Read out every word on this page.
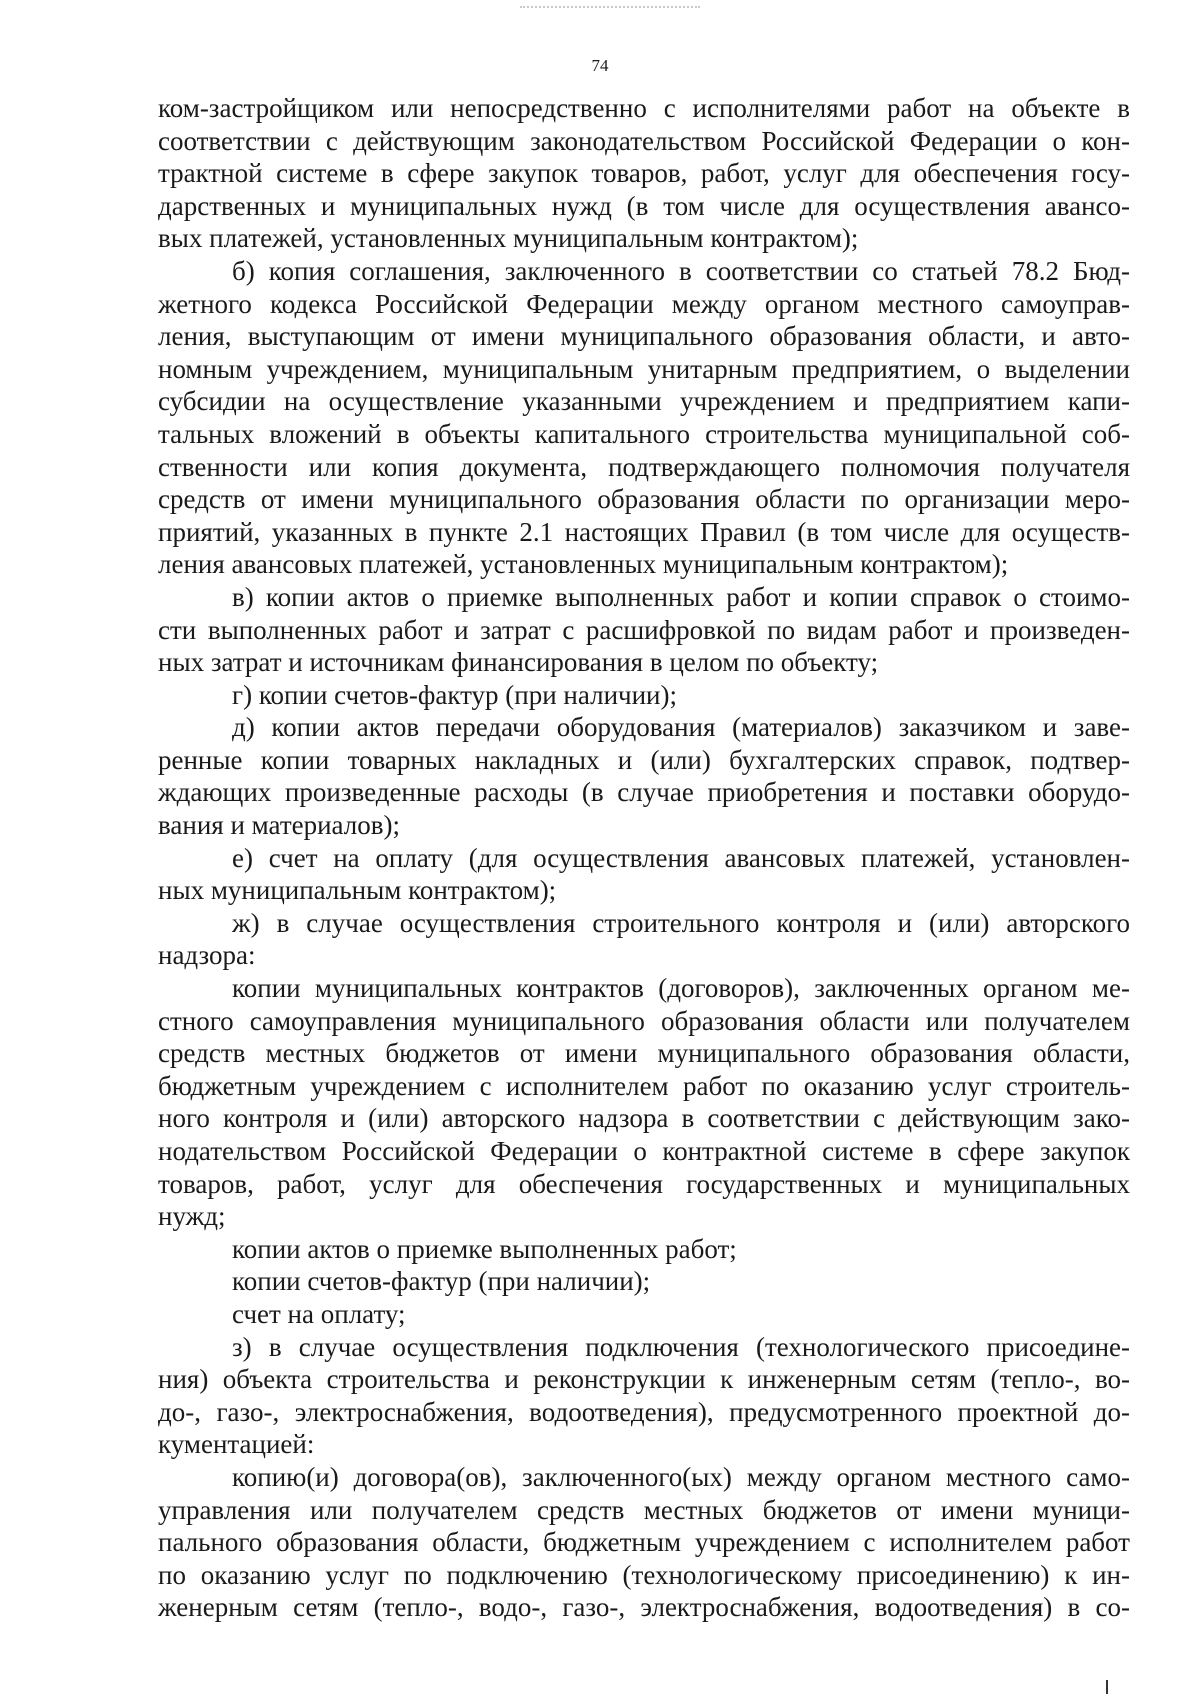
74
ком-застройщиком или непосредственно с исполнителями работ на объекте в
соответствии с действующим законодательством Российской Федерации о кон-
трактной системе в сфере закупок товаров, работ, услуг для обеспечения госу-
дарственных и муниципальных нужд (в том числе для осуществления авансо-
вых платежей, установленных муниципальным контрактом);
б) копия соглашения, заключенного в соответствии со статьей 78.2 Бюд-
жетного кодекса Российской Федерации между органом местного самоуправ-
ления, выступающим от имени муниципального образования области, и авто-
номным учреждением, муниципальным унитарным предприятием, о выделении
субсидии на осуществление указанными учреждением и предприятием капи-
тальных вложений в объекты капитального строительства муниципальной соб-
ственности или копия документа, подтверждающего полномочия получателя
средств от имени муниципального образования области по организации меро-
приятий, указанных в пункте 2.1 настоящих Правил (в том числе для осуществ-
ления авансовых платежей, установленных муниципальным контрактом);
в) копии актов о приемке выполненных работ и копии справок о стоимо-
сти выполненных работ и затрат с расшифровкой по видам работ и произведен-
ных затрат и источникам финансирования в целом по объекту;
г) копии счетов-фактур (при наличии);
д) копии актов передачи оборудования (материалов) заказчиком и заве-
ренные копии товарных накладных и (или) бухгалтерских справок, подтвер-
ждающих произведенные расходы (в случае приобретения и поставки оборудо-
вания и материалов);
е) счет на оплату (для осуществления авансовых платежей, установлен-
ных муниципальным контрактом);
ж) в случае осуществления строительного контроля и (или) авторского
надзора:
копии муниципальных контрактов (договоров), заключенных органом ме-
стного самоуправления муниципального образования области или получателем
средств местных бюджетов от имени муниципального образования области,
бюджетным учреждением с исполнителем работ по оказанию услуг строитель-
ного контроля и (или) авторского надзора в соответствии с действующим зако-
нодательством Российской Федерации о контрактной системе в сфере закупок
товаров, работ, услуг для обеспечения государственных и муниципальных
нужд;
копии актов о приемке выполненных работ;
копии счетов-фактур (при наличии);
счет на оплату;
з) в случае осуществления подключения (технологического присоедине-
ния) объекта строительства и реконструкции к инженерным сетям (тепло-, во-
до-, газо-, электроснабжения, водоотведения), предусмотренного проектной до-
кументацией:
копию(и) договора(ов), заключенного(ых) между органом местного само-
управления или получателем средств местных бюджетов от имени муници-
пального образования области, бюджетным учреждением с исполнителем работ
по оказанию услуг по подключению (технологическому присоединению) к ин-
женерным сетям (тепло-, водо-, газо-, электроснабжения, водоотведения) в со-
